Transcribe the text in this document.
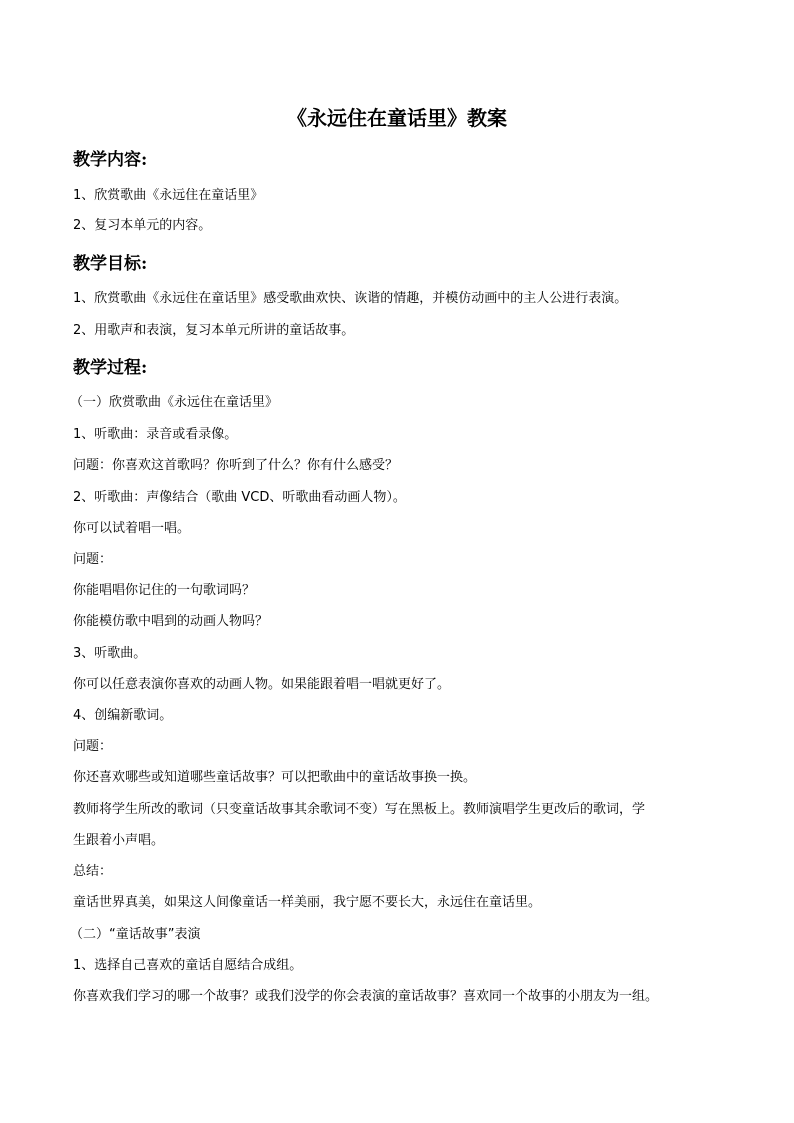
《永远住在童话里》教案
教学内容:
1、欣赏歌曲《永远住在童话里》
2、复习本单元的内容。
教学目标:
1、欣赏歌曲《永远住在童话里》感受歌曲欢快、诙谐的情趣，并模仿动画中的主人公进行表演。
2、用歌声和表演，复习本单元所讲的童话故事。
教学过程:
（一）欣赏歌曲《永远住在童话里》
1、听歌曲：录音或看录像。
问题：你喜欢这首歌吗？你听到了什么？你有什么感受？
2、听歌曲：声像结合（歌曲 VCD、听歌曲看动画人物）。
你可以试着唱一唱。
问题：
你能唱唱你记住的一句歌词吗？
你能模仿歌中唱到的动画人物吗？
3、听歌曲。
你可以任意表演你喜欢的动画人物。如果能跟着唱一唱就更好了。
4、创编新歌词。
问题：
你还喜欢哪些或知道哪些童话故事？可以把歌曲中的童话故事换一换。
教师将学生所改的歌词（只变童话故事其余歌词不变）写在黑板上。教师演唱学生更改后的歌词，学
生跟着小声唱。
总结：
童话世界真美，如果这人间像童话一样美丽，我宁愿不要长大，永远住在童话里。
（二）“童话故事”表演
1、选择自己喜欢的童话自愿结合成组。
你喜欢我们学习的哪一个故事？或我们没学的你会表演的童话故事？喜欢同一个故事的小朋友为一组。
